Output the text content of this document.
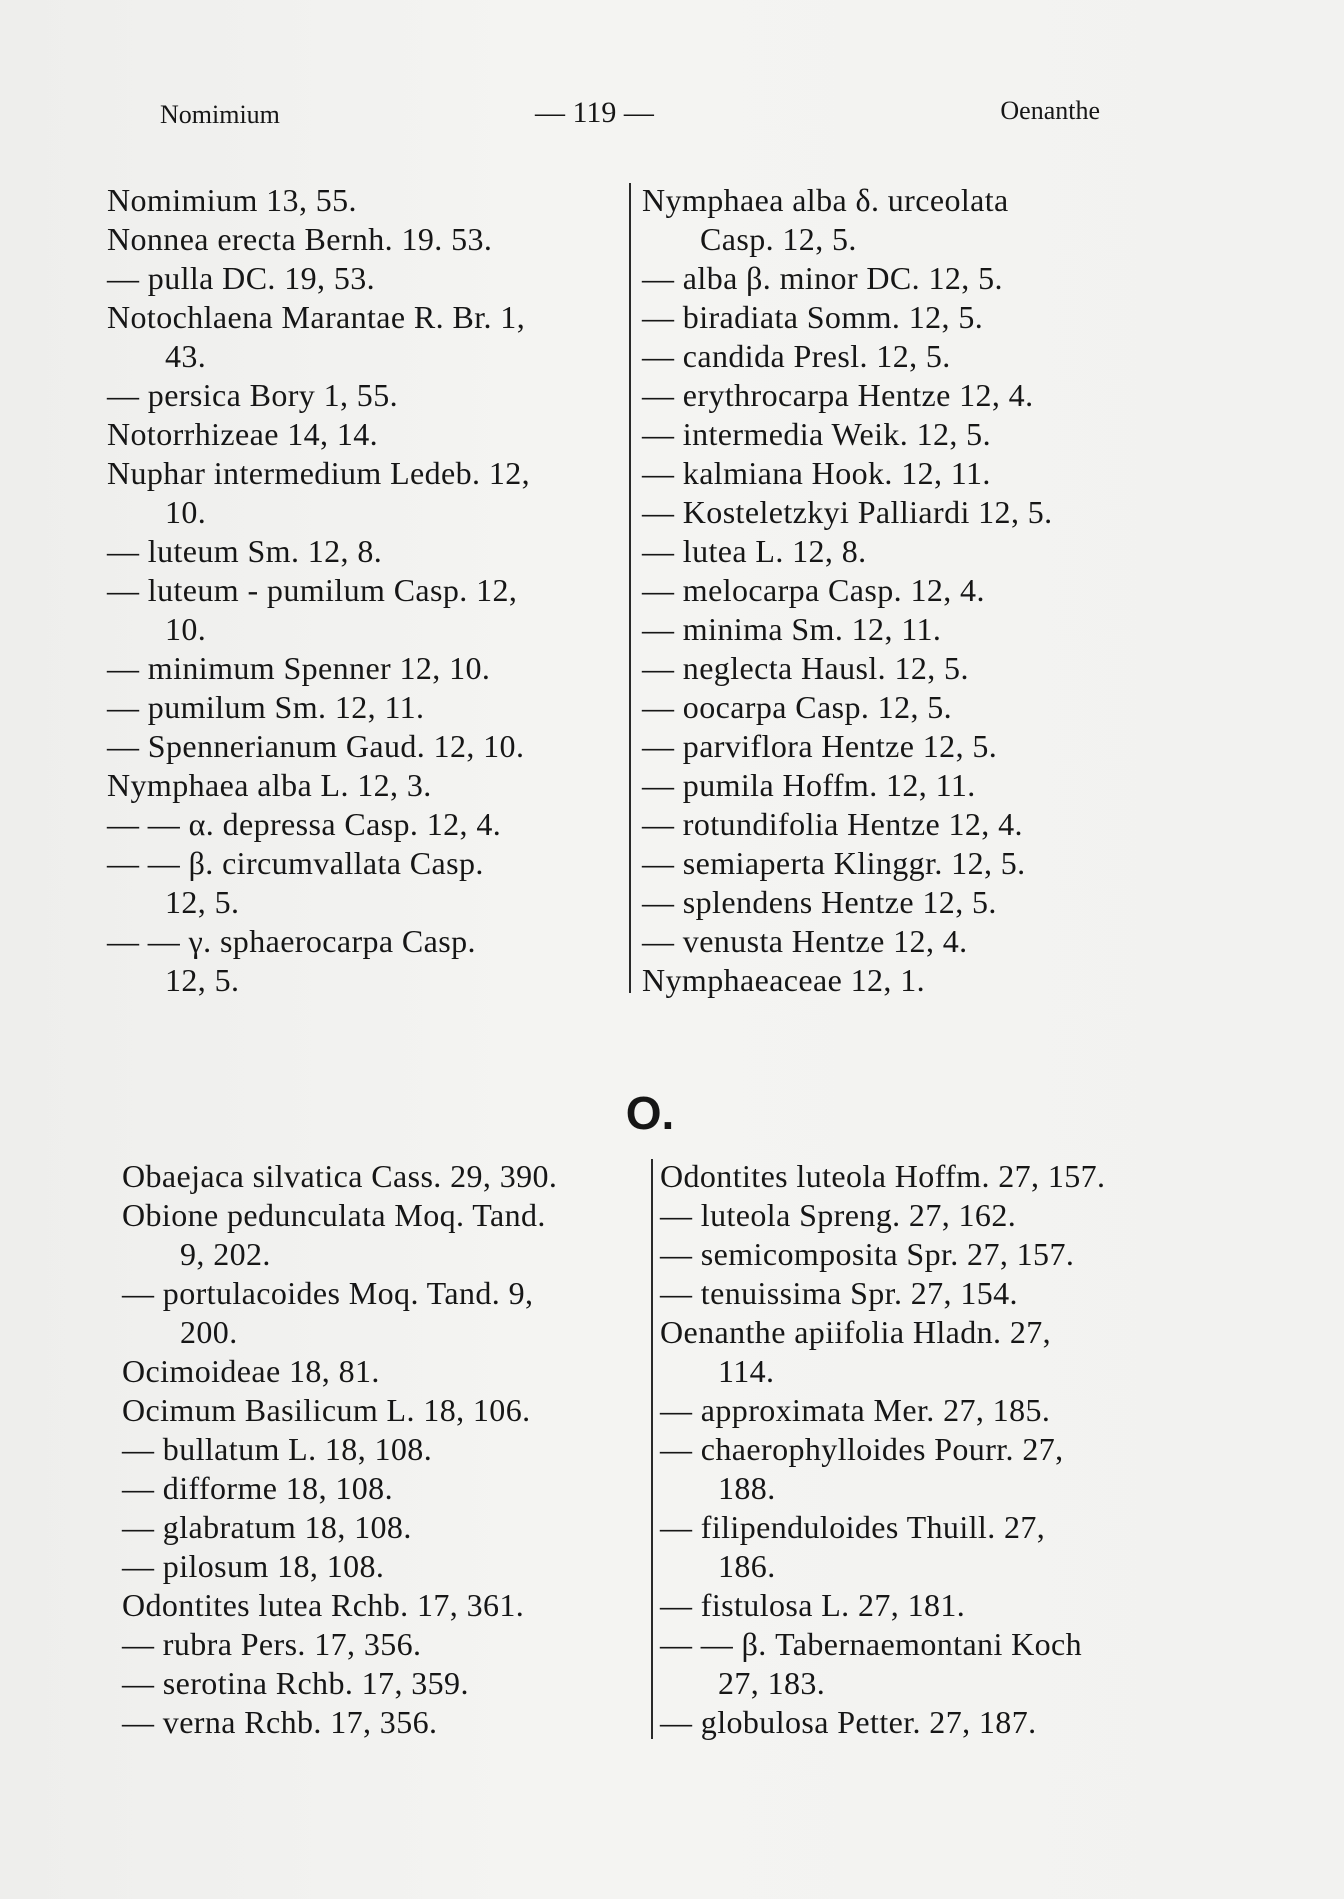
Nomimium	— 119 —	Oenanthe
Nomimium 13, 55.
Nonnea erecta Bernh. 19. 53.
— pulla DC. 19, 53.
Notochlaena Marantae R. Br. 1,
43.
— persica Bory 1, 55.
Notorrhizeae 14, 14.
Nuphar intermedium Ledeb. 12,
10.
— luteum Sm. 12, 8.
— luteum - pumilum Casp. 12,
10.
— minimum Spenner 12, 10.
— pumilum Sm. 12, 11.
— Spennerianum Gaud. 12, 10.
Nymphaea alba L. 12, 3.
— — α. depressa Casp. 12, 4.
— — β. circumvallata Casp.
12, 5.
— — γ. sphaerocarpa Casp.
12, 5.
Nymphaea alba δ. urceolata
Casp. 12, 5.
— alba β. minor DC. 12, 5.
— biradiata Somm. 12, 5.
— candida Presl. 12, 5.
— erythrocarpa Hentze 12, 4.
— intermedia Weik. 12, 5.
— kalmiana Hook. 12, 11.
— Kosteletzkyi Palliardi 12, 5.
— lutea L. 12, 8.
— melocarpa Casp. 12, 4.
— minima Sm. 12, 11.
— neglecta Hausl. 12, 5.
— oocarpa Casp. 12, 5.
— parviflora Hentze 12, 5.
— pumila Hoffm. 12, 11.
— rotundifolia Hentze 12, 4.
— semiaperta Klinggr. 12, 5.
— splendens Hentze 12, 5.
— venusta Hentze 12, 4.
Nymphaeaceae 12, 1.
O.
Obaejaca silvatica Cass. 29, 390.
Obione pedunculata Moq. Tand.
9, 202.
— portulacoides Moq. Tand. 9,
200.
Ocimoideae 18, 81.
Ocimum Basilicum L. 18, 106.
— bullatum L. 18, 108.
— difforme 18, 108.
— glabratum 18, 108.
— pilosum 18, 108.
Odontites lutea Rchb. 17, 361.
— rubra Pers. 17, 356.
— serotina Rchb. 17, 359.
— verna Rchb. 17, 356.
Odontites luteola Hoffm. 27, 157.
— luteola Spreng. 27, 162.
— semicomposita Spr. 27, 157.
— tenuissima Spr. 27, 154.
Oenanthe apiifolia Hladn. 27,
114.
— approximata Mer. 27, 185.
— chaerophylloides Pourr. 27,
188.
— filipenduloides Thuill. 27,
186.
— fistulosa L. 27, 181.
— — β. Tabernaemontani Koch
27, 183.
— globulosa Petter. 27, 187.
